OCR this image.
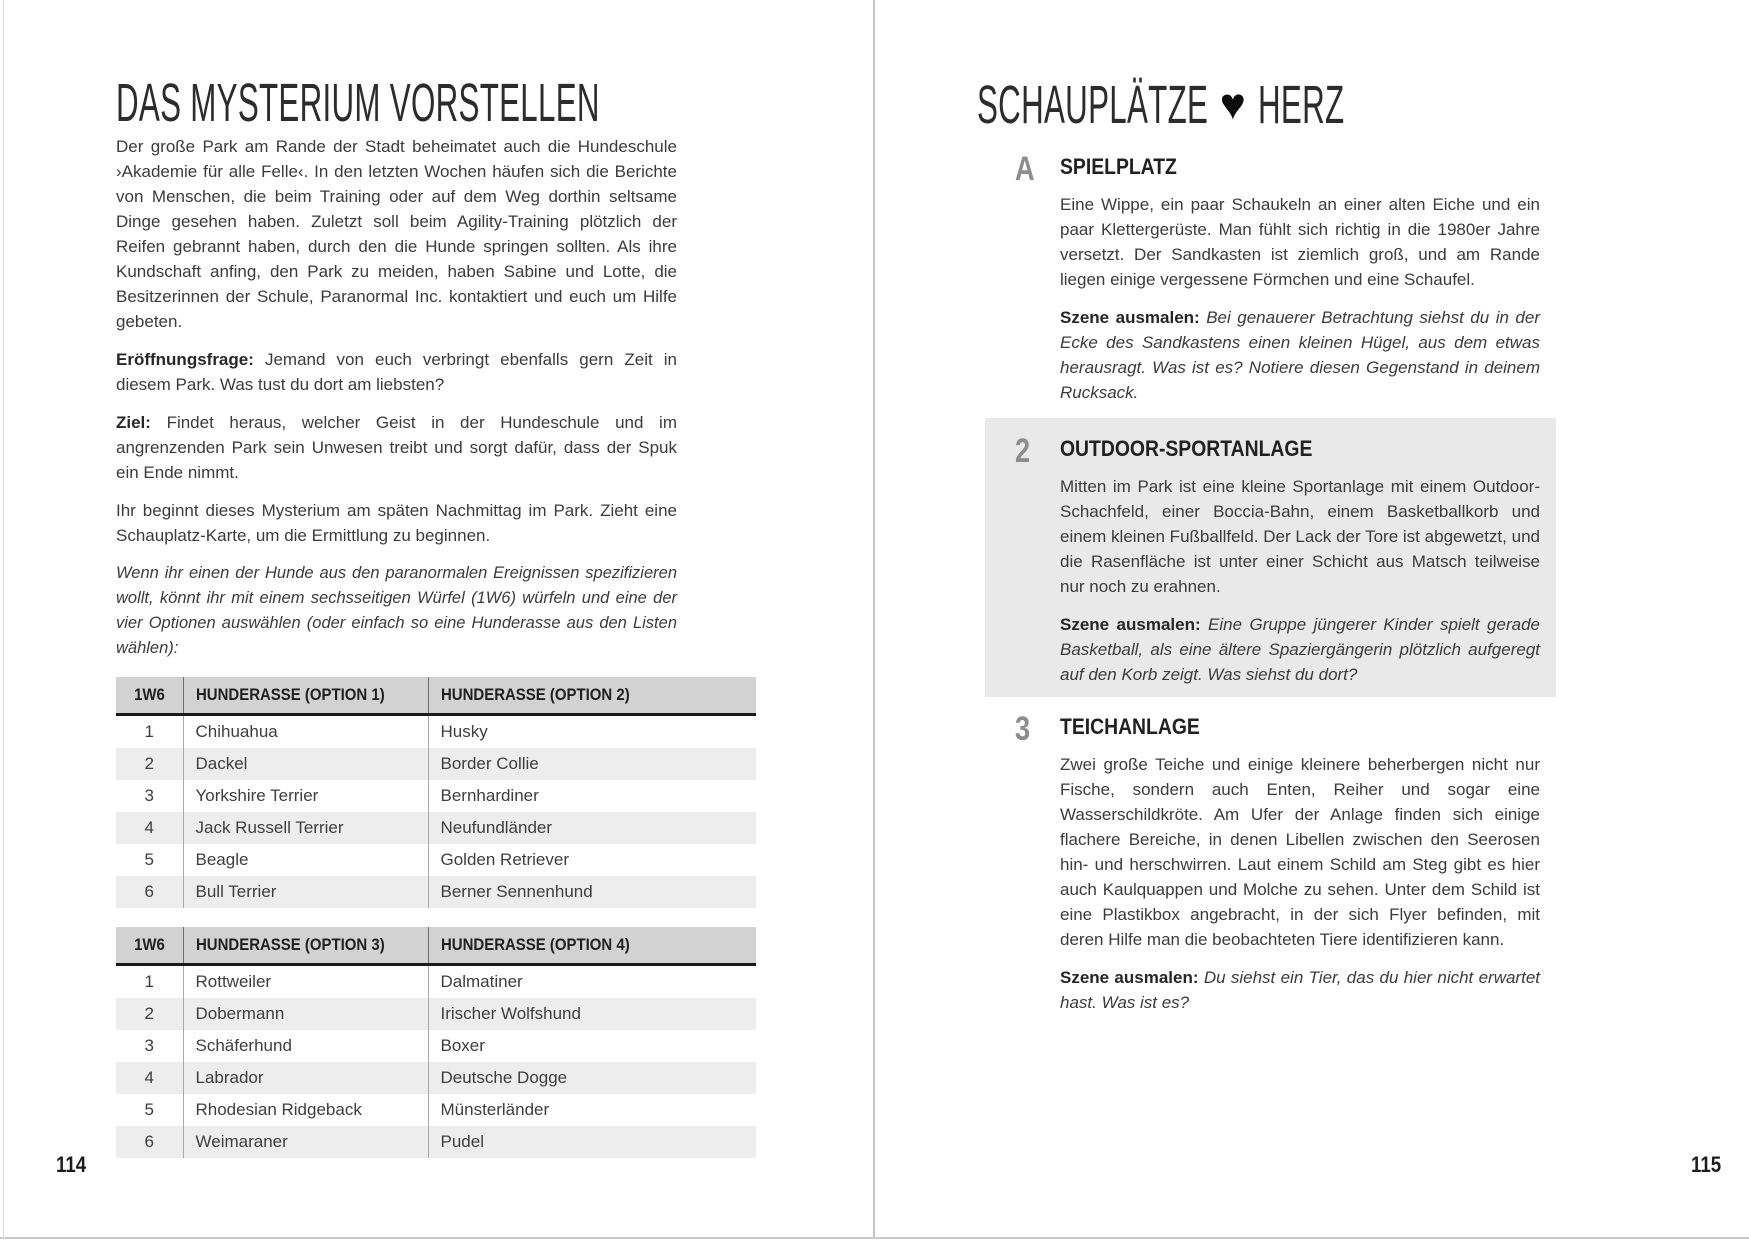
DAS MYSTERIUM VORSTELLEN

Der große Park am Rande der Stadt beheimatet auch die Hundeschule ›Akademie für alle Felle‹. In den letzten Wochen häufen sich die Berichte von Menschen, die beim Training oder auf dem Weg dorthin seltsame Dinge gesehen haben. Zuletzt soll beim Agility-Training plötzlich der Reifen gebrannt haben, durch den die Hunde springen sollten. Als ihre Kundschaft anfing, den Park zu meiden, haben Sabine und Lotte, die Besitzerinnen der Schule, Paranormal Inc. kontaktiert und euch um Hilfe gebeten.

Eröffnungsfrage: Jemand von euch verbringt ebenfalls gern Zeit in diesem Park. Was tust du dort am liebsten?

Ziel: Findet heraus, welcher Geist in der Hundeschule und im angrenzenden Park sein Unwesen treibt und sorgt dafür, dass der Spuk ein Ende nimmt.

Ihr beginnt dieses Mysterium am späten Nachmittag im Park. Zieht eine Schauplatz-Karte, um die Ermittlung zu beginnen.

Wenn ihr einen der Hunde aus den paranormalen Ereignissen spezifizieren wollt, könnt ihr mit einem sechsseitigen Würfel (1W6) würfeln und eine der vier Optionen auswählen (oder einfach so eine Hunderasse aus den Listen wählen):

1W6	HUNDERASSE (OPTION 1)	HUNDERASSE (OPTION 2)
1	Chihuahua	Husky
2	Dackel	Border Collie
3	Yorkshire Terrier	Bernhardiner
4	Jack Russell Terrier	Neufundländer
5	Beagle	Golden Retriever
6	Bull Terrier	Berner Sennenhund
1W6	HUNDERASSE (OPTION 3)	HUNDERASSE (OPTION 4)
1	Rottweiler	Dalmatiner
2	Dobermann	Irischer Wolfshund
3	Schäferhund	Boxer
4	Labrador	Deutsche Dogge
5	Rhodesian Ridgeback	Münsterländer
6	Weimaraner	Pudel
114
SCHAUPLÄTZE ♥ HERZ
A SPIELPLATZ

Eine Wippe, ein paar Schaukeln an einer alten Eiche und ein paar Klettergerüste. Man fühlt sich richtig in die 1980er Jahre versetzt. Der Sandkasten ist ziemlich groß, und am Rande liegen einige vergessene Förmchen und eine Schaufel.

Szene ausmalen: Bei genauerer Betrachtung siehst du in der Ecke des Sandkastens einen kleinen Hügel, aus dem etwas herausragt. Was ist es? Notiere diesen Gegenstand in deinem Rucksack.

2 OUTDOOR-SPORTANLAGE

Mitten im Park ist eine kleine Sportanlage mit einem Outdoor-Schachfeld, einer Boccia-Bahn, einem Basketballkorb und einem kleinen Fußballfeld. Der Lack der Tore ist abgewetzt, und die Rasenfläche ist unter einer Schicht aus Matsch teilweise nur noch zu erahnen.

Szene ausmalen: Eine Gruppe jüngerer Kinder spielt gerade Basketball, als eine ältere Spaziergängerin plötzlich aufgeregt auf den Korb zeigt. Was siehst du dort?

3 TEICHANLAGE

Zwei große Teiche und einige kleinere beherbergen nicht nur Fische, sondern auch Enten, Reiher und sogar eine Wasserschildkröte. Am Ufer der Anlage finden sich einige flachere Bereiche, in denen Libellen zwischen den Seerosen hin- und herschwirren. Laut einem Schild am Steg gibt es hier auch Kaulquappen und Molche zu sehen. Unter dem Schild ist eine Plastikbox angebracht, in der sich Flyer befinden, mit deren Hilfe man die beobachteten Tiere identifizieren kann.

Szene ausmalen: Du siehst ein Tier, das du hier nicht erwartet hast. Was ist es?

115
